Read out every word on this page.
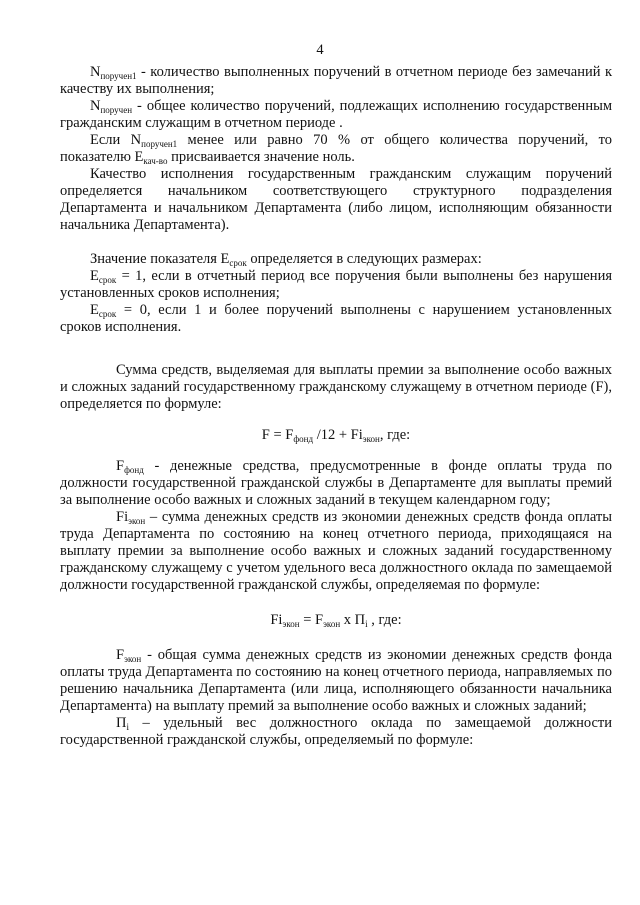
4

$N_{поручен1}$ - количество выполненных поручений в отчетном периоде без замечаний к качеству их выполнения;

$N_{поручен}$ - общее количество поручений, подлежащих исполнению государственным гражданским служащим в отчетном периоде .

Если $N_{поручен1}$ менее или равно 70 % от общего количества поручений, то показателю $E_{кач-во}$ присваивается значение ноль.

Качество исполнения государственным гражданским служащим поручений определяется начальником соответствующего структурного подразделения Департамента и начальником Департамента (либо лицом, исполняющим обязанности начальника Департамента).

Значение показателя $E_{срок}$ определяется в следующих размерах:

$E_{срок} = 1$, если в отчетный период все поручения были выполнены без нарушения установленных сроков исполнения;

$E_{срок} = 0$, если 1 и более поручений выполнены с нарушением установленных сроков исполнения.

Сумма средств, выделяемая для выплаты премии за выполнение особо важных и сложных заданий государственному гражданскому служащему в отчетном периоде (F), определяется по формуле:

$F = F_{фонд}$ $/12 + Fi_{экон}$, где:

$F_{фонд}$ - денежные средства, предусмотренные в фонде оплаты труда по должности государственной гражданской службы в Департаменте для выплаты премий за выполнение особо важных и сложных заданий в текущем календарном году;

$Fi_{экон}$ – сумма денежных средств из экономии денежных средств фонда оплаты труда Департамента по состоянию на конец отчетного периода, приходящаяся на выплату премии за выполнение особо важных и сложных заданий государственному гражданскому служащему с учетом удельного веса должностного оклада по замещаемой должности государственной гражданской службы, определяемая по формуле:

$Fi_{экон} = F_{экон}$ x $П_i$ , где:

$F_{экон}$ - общая сумма денежных средств из экономии денежных средств фонда оплаты труда Департамента по состоянию на конец отчетного периода, направляемых по решению начальника Департамента (или лица, исполняющего обязанности начальника Департамента) на выплату премий за выполнение особо важных и сложных заданий;

$П_i$ – удельный вес должностного оклада по замещаемой должности государственной гражданской службы, определяемый по формуле:
